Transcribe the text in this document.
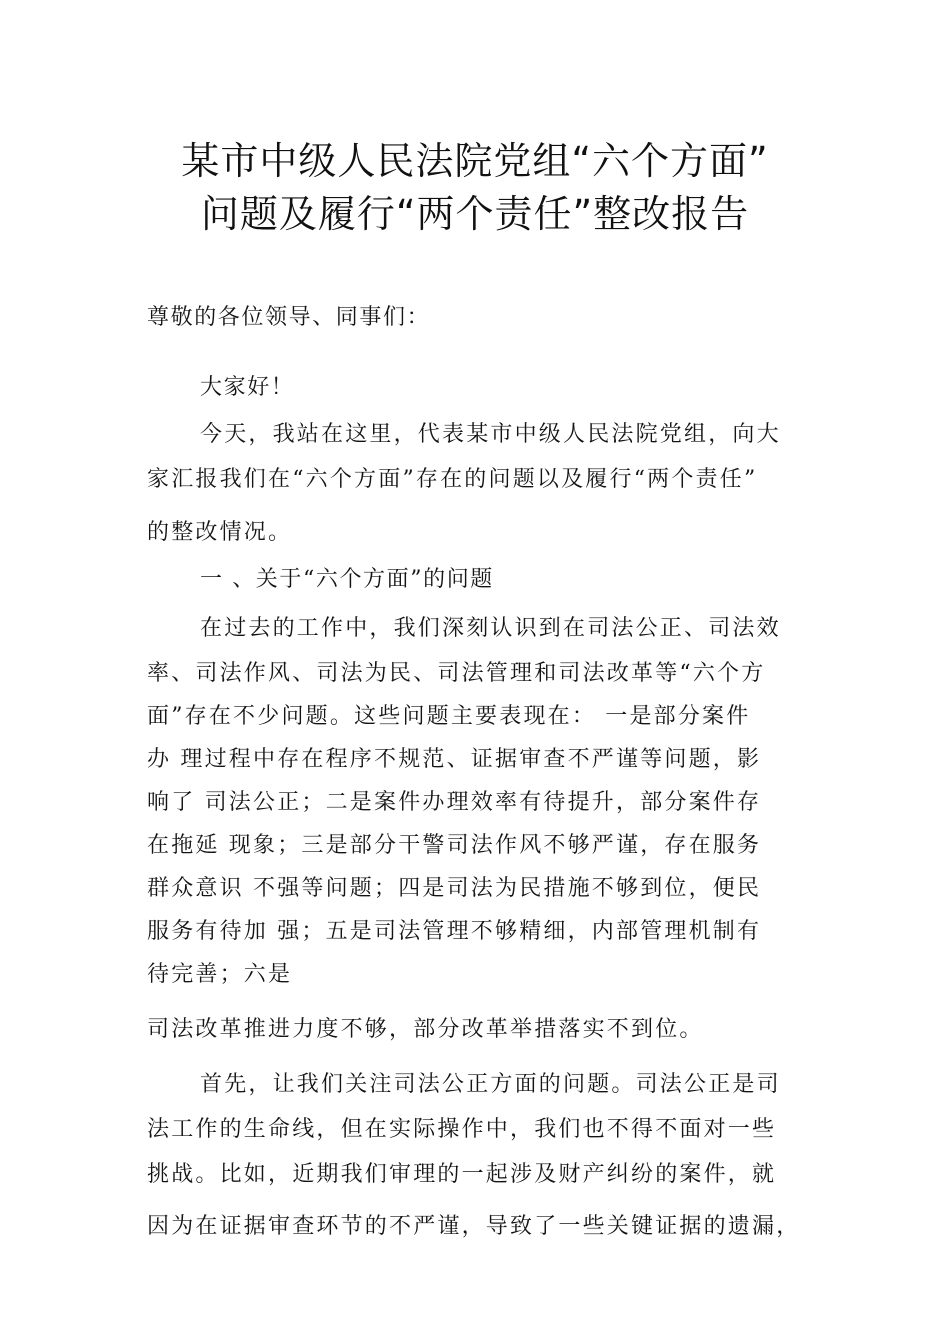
某市中级人民法院党组“六个方面”
问题及履行“两个责任”整改报告
尊敬的各位领导、同事们：
大家好！
今天，我站在这里，代表某市中级人民法院党组，向大
家汇报我们在“六个方面”存在的问题以及履行“两个责任”
的整改情况。
一 、关于“六个方面”的问题
在过去的工作中，我们深刻认识到在司法公正、司法效
率、司法作风、司法为民、司法管理和司法改革等“六个方
面”存在不少问题。这些问题主要表现在： 一是部分案件
办 理过程中存在程序不规范、证据审查不严谨等问题，影
响了 司法公正；二是案件办理效率有待提升，部分案件存
在拖延 现象；三是部分干警司法作风不够严谨，存在服务
群众意识 不强等问题；四是司法为民措施不够到位，便民
服务有待加 强；五是司法管理不够精细，内部管理机制有
待完善；六是
司法改革推进力度不够，部分改革举措落实不到位。
首先，让我们关注司法公正方面的问题。司法公正是司
法工作的生命线，但在实际操作中，我们也不得不面对一些
挑战。比如，近期我们审理的一起涉及财产纠纷的案件，就
因为在证据审查环节的不严谨，导致了一些关键证据的遗漏，
